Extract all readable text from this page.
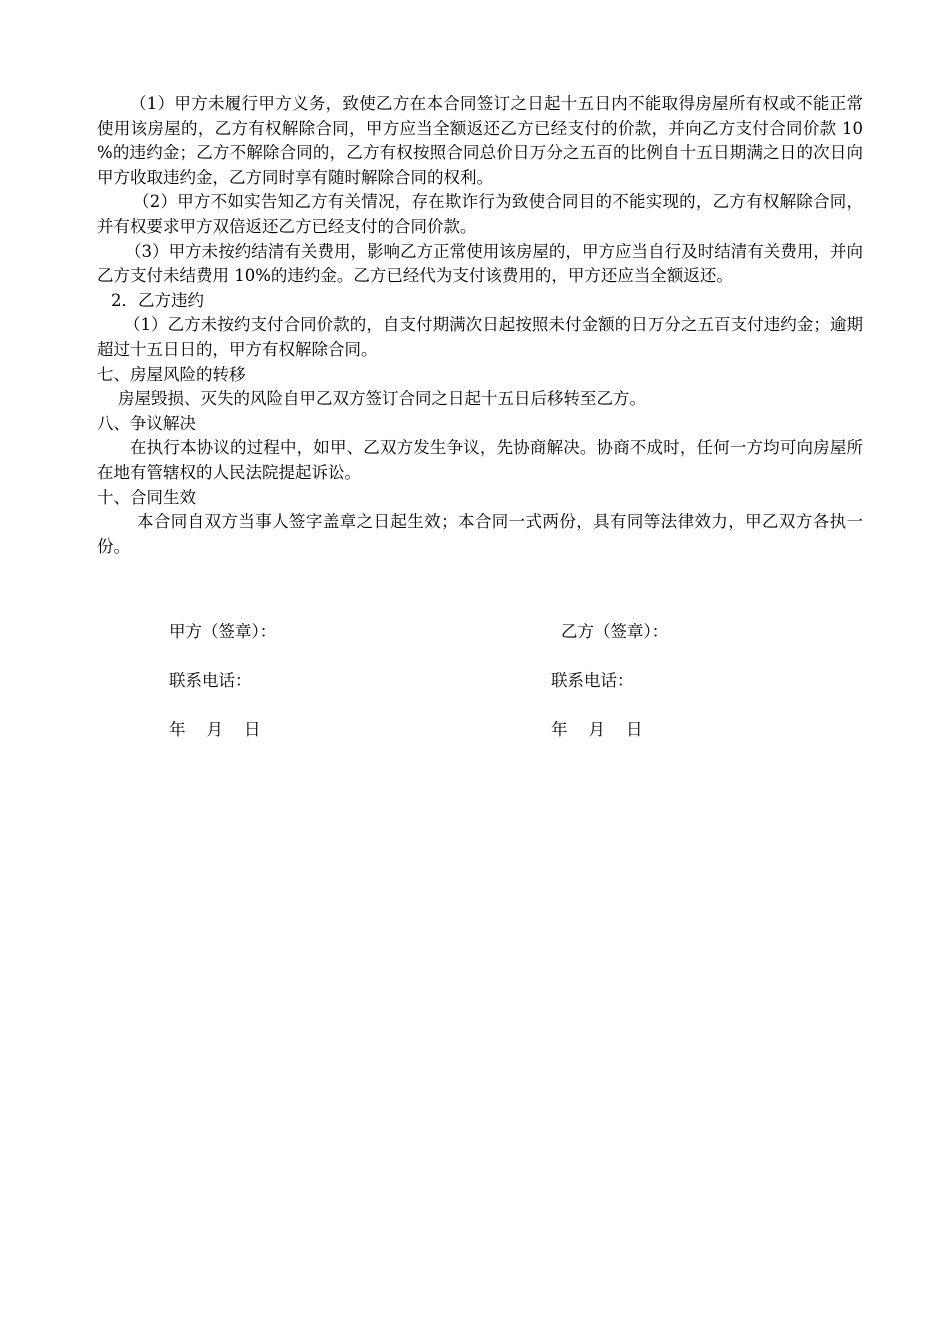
（1）甲方未履行甲方义务，致使乙方在本合同签订之日起十五日内不能取得房屋所有权或不能正常使用该房屋的，乙方有权解除合同，甲方应当全额返还乙方已经支付的价款，并向乙方支付合同价款 10 %的违约金；乙方不解除合同的，乙方有权按照合同总价日万分之五百的比例自十五日期满之日的次日向甲方收取违约金，乙方同时享有随时解除合同的权利。

（2）甲方不如实告知乙方有关情况，存在欺诈行为致使合同目的不能实现的，乙方有权解除合同，并有权要求甲方双倍返还乙方已经支付的合同价款。

（3）甲方未按约结清有关费用，影响乙方正常使用该房屋的，甲方应当自行及时结清有关费用，并向乙方支付未结费用 10%的违约金。乙方已经代为支付该费用的，甲方还应当全额返还。

2．乙方违约

（1）乙方未按约支付合同价款的，自支付期满次日起按照未付金额的日万分之五百支付违约金；逾期超过十五日日的，甲方有权解除合同。

七、房屋风险的转移

房屋毁损、灭失的风险自甲乙双方签订合同之日起十五日后移转至乙方。

八、争议解决

在执行本协议的过程中，如甲、乙双方发生争议，先协商解决。协商不成时，任何一方均可向房屋所在地有管辖权的人民法院提起诉讼。

十、合同生效

本合同自双方当事人签字盖章之日起生效；本合同一式两份，具有同等法律效力，甲乙双方各执一份。

甲方（签章）：	乙方（签章）：
联系电话：	联系电话：
年    月    日	年    月    日
